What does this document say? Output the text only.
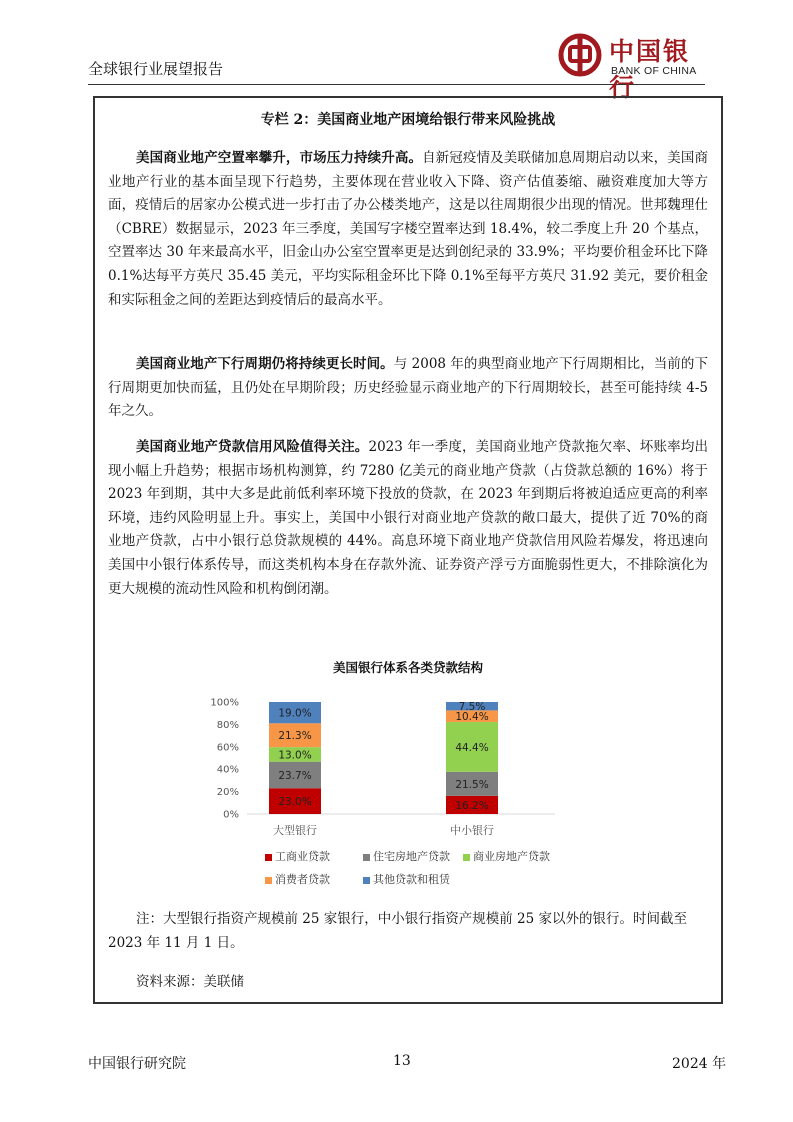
全球银行业展望报告
中国银行
BANK OF CHINA
专栏 2：美国商业地产困境给银行带来风险挑战
美国商业地产空置率攀升，市场压力持续升高。自新冠疫情及美联储加息周期启动以来，美国商业地产行业的基本面呈现下行趋势，主要体现在营业收入下降、资产估值萎缩、融资难度加大等方面，疫情后的居家办公模式进一步打击了办公楼类地产，这是以往周期很少出现的情况。世邦魏理仕（CBRE）数据显示，2023 年三季度，美国写字楼空置率达到 18.4%，较二季度上升 20 个基点，空置率达 30 年来最高水平，旧金山办公室空置率更是达到创纪录的 33.9%；平均要价租金环比下降 0.1%达每平方英尺 35.45 美元，平均实际租金环比下降 0.1%至每平方英尺 31.92 美元，要价租金和实际租金之间的差距达到疫情后的最高水平。
美国商业地产下行周期仍将持续更长时间。与 2008 年的典型商业地产下行周期相比，当前的下行周期更加快而猛，且仍处在早期阶段；历史经验显示商业地产的下行周期较长，甚至可能持续 4-5 年之久。
美国商业地产贷款信用风险值得关注。2023 年一季度，美国商业地产贷款拖欠率、坏账率均出现小幅上升趋势；根据市场机构测算，约 7280 亿美元的商业地产贷款（占贷款总额的 16%）将于 2023 年到期，其中大多是此前低利率环境下投放的贷款，在 2023 年到期后将被迫适应更高的利率环境，违约风险明显上升。事实上，美国中小银行对商业地产贷款的敞口最大，提供了近 70%的商业地产贷款，占中小银行总贷款规模的 44%。高息环境下商业地产贷款信用风险若爆发，将迅速向美国中小银行体系传导，而这类机构本身在存款外流、证券资产浮亏方面脆弱性更大，不排除演化为更大规模的流动性风险和机构倒闭潮。
美国银行体系各类贷款结构
0%
20%
40%
60%
80%
100%
23.0%
23.7%
13.0%
21.3%
19.0%
大型银行
16.2%
21.5%
44.4%
10.4%
7.5%
中小银行
工商业贷款	住宅房地产贷款	商业房地产贷款
消费者贷款	其他贷款和租赁
注：大型银行指资产规模前 25 家银行，中小银行指资产规模前 25 家以外的银行。时间截至 2023 年 11 月 1 日。
资料来源：美联储
中国银行研究院	13	2024 年
